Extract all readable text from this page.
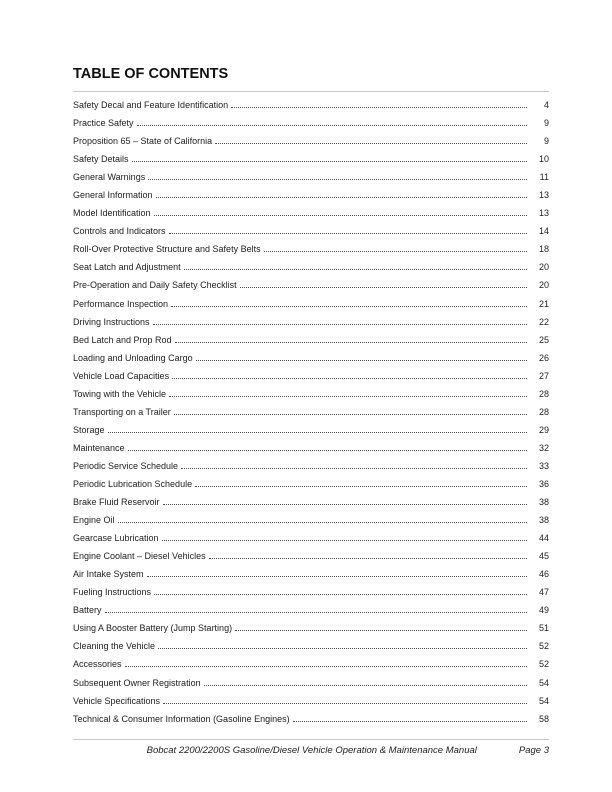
TABLE OF CONTENTS
Safety Decal and Feature Identification	4
Practice Safety	9
Proposition 65 – State of California	9
Safety Details	10
General Warnings	11
General Information	13
Model Identification	13
Controls and Indicators	14
Roll-Over Protective Structure and Safety Belts	18
Seat Latch and Adjustment	20
Pre-Operation and Daily Safety Checklist	20
Performance Inspection	21
Driving Instructions	22
Bed Latch and Prop Rod	25
Loading and Unloading Cargo	26
Vehicle Load Capacities	27
Towing with the Vehicle	28
Transporting on a Trailer	28
Storage	29
Maintenance	32
Periodic Service Schedule	33
Periodic Lubrication Schedule	36
Brake Fluid Reservoir	38
Engine Oil	38
Gearcase Lubrication	44
Engine Coolant – Diesel Vehicles	45
Air Intake System	46
Fueling Instructions	47
Battery	49
Using A Booster Battery (Jump Starting)	51
Cleaning the Vehicle	52
Accessories	52
Subsequent Owner Registration	54
Vehicle Specifications	54
Technical & Consumer Information (Gasoline Engines)	58
Bobcat 2200/2200S Gasoline/Diesel Vehicle Operation & Maintenance Manual	Page 3
